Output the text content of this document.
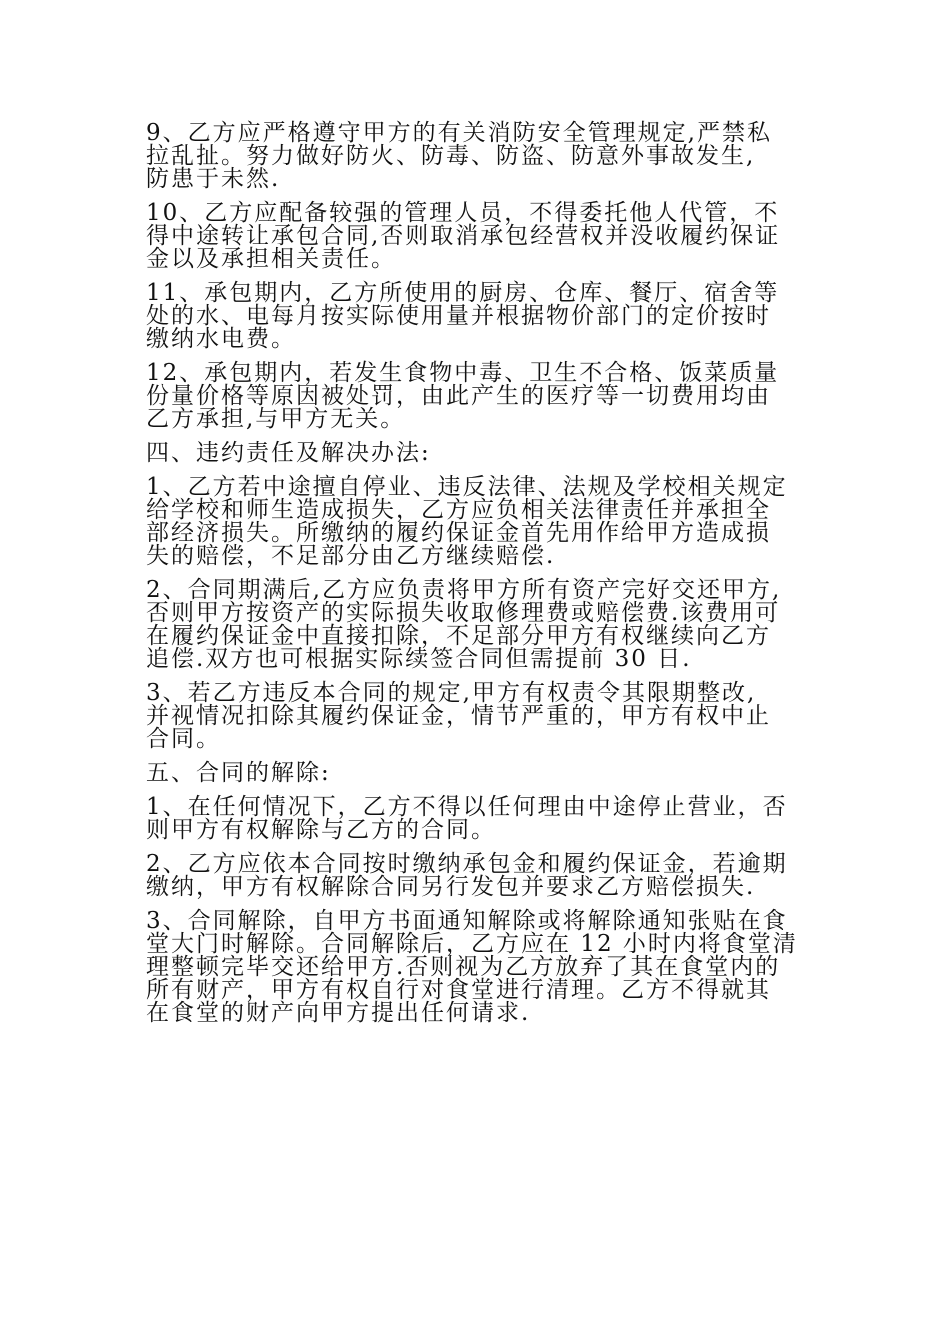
9、乙方应严格遵守甲方的有关消防安全管理规定,严禁私
拉乱扯。努力做好防火、防毒、防盗、防意外事故发生,
防患于未然.
10、乙方应配备较强的管理人员，不得委托他人代管，不
得中途转让承包合同,否则取消承包经营权并没收履约保证
金以及承担相关责任。
11、承包期内，乙方所使用的厨房、仓库、餐厅、宿舍等
处的水、电每月按实际使用量并根据物价部门的定价按时
缴纳水电费。
12、承包期内，若发生食物中毒、卫生不合格、饭菜质量
份量价格等原因被处罚，由此产生的医疗等一切费用均由
乙方承担,与甲方无关。
四、违约责任及解决办法:
1、乙方若中途擅自停业、违反法律、法规及学校相关规定
给学校和师生造成损失，乙方应负相关法律责任并承担全
部经济损失。所缴纳的履约保证金首先用作给甲方造成损
失的赔偿，不足部分由乙方继续赔偿.
2、合同期满后,乙方应负责将甲方所有资产完好交还甲方,
否则甲方按资产的实际损失收取修理费或赔偿费.该费用可
在履约保证金中直接扣除，不足部分甲方有权继续向乙方
追偿.双方也可根据实际续签合同但需提前 30 日.
3、若乙方违反本合同的规定,甲方有权责令其限期整改,
并视情况扣除其履约保证金，情节严重的，甲方有权中止
合同。
五、合同的解除:
1、在任何情况下，乙方不得以任何理由中途停止营业，否
则甲方有权解除与乙方的合同。
2、乙方应依本合同按时缴纳承包金和履约保证金，若逾期
缴纳，甲方有权解除合同另行发包并要求乙方赔偿损失.
3、合同解除，自甲方书面通知解除或将解除通知张贴在食
堂大门时解除。合同解除后，乙方应在 12 小时内将食堂清
理整顿完毕交还给甲方.否则视为乙方放弃了其在食堂内的
所有财产，甲方有权自行对食堂进行清理。乙方不得就其
在食堂的财产向甲方提出任何请求.
